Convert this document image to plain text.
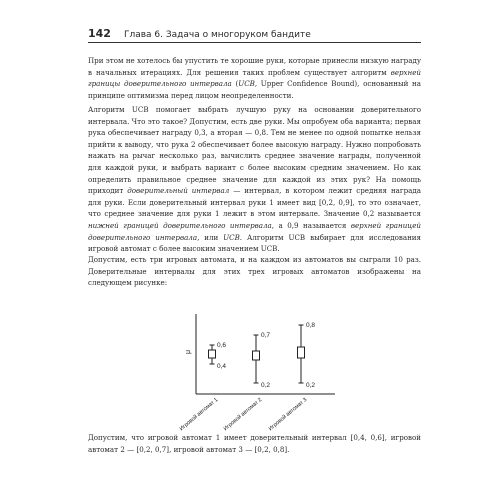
142	Глава 6. Задача о многоруком бандите

При этом не хотелось бы упустить те хорошие руки, которые принесли низкую награду в начальных итерациях. Для решения таких проблем существует алгоритм верхней границы доверительного интервала (UCB, Upper Confidence Bound), основанный на принципе оптимизма перед лицом неопределенности.

Алгоритм UCB помогает выбрать лучшую руку на основании доверительного интервала. Что это такое? Допустим, есть две руки. Мы опробуем оба варианта; первая рука обеспечивает награду 0,3, а вторая — 0,8. Тем не менее по одной попытке нельзя прийти к выводу, что рука 2 обеспечивает более высокую награду. Нужно попробовать нажать на рычаг несколько раз, вычислить среднее значение награды, полученной для каждой руки, и выбрать вариант с более высоким средним значением. Но как определить правильное среднее значение для каждой из этих рук? На помощь приходит доверительный интервал — интервал, в котором лежит средняя награда для руки. Если доверительный интервал руки 1 имеет вид [0,2, 0,9], то это означает, что среднее значение для руки 1 лежит в этом интервале. Значение 0,2 называется нижней границей доверительного интервала, а 0,9 называется верхней границей доверительного интервала, или UCB. Алгоритм UCB выбирает для исследования игровой автомат с более высоким значением UCB.

Допустим, есть три игровых автомата, и на каждом из автоматов вы сыграли 10 раз. Доверительные интервалы для этих трех игровых автоматов изображены на следующем рисунке:

μ
0,6
0,4
Игровой автомат 1
0,7
0,2
Игровой автомат 2
0,8
0,2
Игровой автомат 3

Допустим, что игровой автомат 1 имеет доверительный интервал [0,4, 0,6], игровой автомат 2 — [0,2, 0,7], игровой автомат 3 — [0,2, 0,8].
